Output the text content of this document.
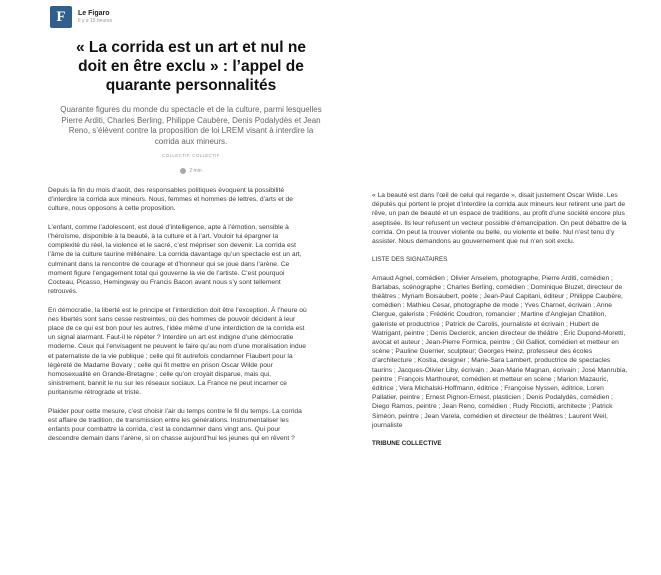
F	Le Figaro
Il y a 15 heures
« La corrida est un art et nul ne doit en être exclu » : l’appel de quarante personnalités

Quarante figures du monde du spectacle et de la culture, parmi lesquelles Pierre Arditi, Charles Berling, Philippe Caubère, Denis Podalydès et Jean Reno, s’élèvent contre la proposition de loi LREM visant à interdire la corrida aux mineurs.

COLLECTIF, COLLECTIF
2 min

Depuis la fin du mois d’août, des responsables politiques évoquent la possibilité d’interdire la corrida aux mineurs. Nous, femmes et hommes de lettres, d’arts et de culture, nous opposons à cette proposition.

L’enfant, comme l’adolescent, est doué d’intelligence, apte à l’émotion, sensible à l’héroïsme, disponible à la beauté, à la culture et à l’art. Vouloir lui épargner la complexité du réel, la violence et le sacré, c’est mépriser son devenir. La corrida est l’âme de la culture taurine millénaire. La corrida davantage qu’un spectacle est un art, culminant dans la rencontre de courage et d’honneur qui se joue dans l’arène. Ce moment figure l’engagement total qui gouverne la vie de l’artiste. C’est pourquoi Cocteau, Picasso, Hemingway ou Francis Bacon avant nous s’y sont tellement retrouvés.

En démocratie, la liberté est le principe et l’interdiction doit être l’exception. À l’heure où nes libertés sont sans cesse restreintes, où des hommes de pouvoir décident à leur place de ce qui est bon pour les autres, l’idée même d’une interdiction de la corrida est un signal alarmant. Faut-il le répéter ? Interdire un art est indigne d’une démocratie moderne. Ceux qui l’envisagent ne peuvent le faire qu’au nom d’une moralisation indue et paternaliste de la vie publique ; celle qui fit autrefois condamner Flaubert pour la légèreté de Madame Bovary ; celle qui fit mettre en prison Oscar Wilde pour homosexualité en Grande-Bretagne ; celle qu’on croyait disparue, mais qui, sinistrement, bannit le nu sur les réseaux sociaux. La France ne peut incarner ce puritanisme rétrograde et triste.

Plaider pour cette mesure, c’est choisir l’air du temps contre le fil du temps. La corrida est affaire de tradition, de transmission entre les générations. Instrumentaliser les enfants pour combattre la corrida, c’est la condamner dans vingt ans. Qui pour descendre demain dans l’arène, si on chasse aujourd’hui les jeunes qui en rêvent ?

« La beauté est dans l’œil de celui qui regarde », disait justement Oscar Wilde. Les députés qui portent le projet d’interdire la corrida aux mineurs leur retirent une part de rêve, un pan de beauté et un espace de traditions, au profit d’une société encore plus aseptisée. Ils leur refusent un vecteur possible d’émancipation. On peut débattre de la corrida. On peut la trouver violente ou belle, ou violente et belle. Nul n’est tenu d’y assister. Nous demandons au gouvernement que nul n’en soit exclu.

LISTE DES SIGNATAIRES

Arnaud Agnel, comédien ; Olivier Anselem, photographe, Pierre Arditi, comédien ; Bartabas, scénographe ; Charles Berling, comédien ; Dominique Bluzet, directeur de théâtres ; Myriam Boisaubert, poète ; Jean-Paul Capitani, éditeur ; Philippe Caubère, comédien ; Mathieu Cesar, photographe de mode ; Yves Charnet, écrivain ; Anne Clergue, galeriste ; Frédéric Coudron, romancier ; Martine d’Anglejan Chatillon, galeriste et productrice ; Patrick de Carolis, journaliste et écrivain ; Hubert de Watrigant, peintre ; Denis Declerck, ancien directeur de théâtre ; Éric Dupond-Moretti, avocat et auteur ; Jean-Pierre Formica, peintre ; Gil Galliot, comédien et metteur en scène ; Pauline Guerrier, sculpteur; Georges Heinz, professeur des écoles d’architecture ; Kostia, designer ; Marie-Sara Lambert, productrice de spectacles taurins ; Jacques-Olivier Liby, écrivain ; Jean-Marie Magnan, écrivain ; José Manrubia, peintre ; François Marthouret, comédien et metteur en scène ; Marion Mazauric, éditrice ; Vera Michalski-Hoffmann, éditrice ; Françoise Nyssen, éditrice, Loren Pallatier, peintre ; Ernest Pignon-Ernest, plasticien ; Denis Podalydès, comédien ; Diego Ramos, peintre ; Jean Reno, comédien ; Rudy Ricciotti, architecte ; Patrick Siméon, peintre ; Jean Varela, comédien et directeur de théâtres ; Laurent Weil, journaliste

TRIBUNE COLLECTIVE
